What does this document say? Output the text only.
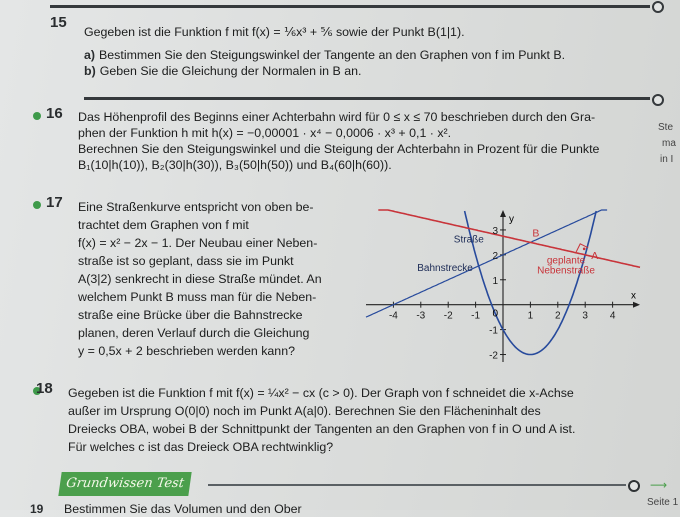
15
Gegeben ist die Funktion f mit f(x) = ⅙x³ + ⅚ sowie der Punkt B(1|1).
a) Bestimmen Sie den Steigungswinkel der Tangente an den Graphen von f im Punkt B.
b) Geben Sie die Gleichung der Normalen in B an.
16 Das Höhenprofil des Beginns einer Achterbahn wird für 0 ≤ x ≤ 70 beschrieben durch den Gra-
phen der Funktion h mit h(x) = −0,00001 · x⁴ − 0,0006 · x³ + 0,1 · x².
Berechnen Sie den Steigungswinkel und die Steigung der Achterbahn in Prozent für die Punkte
B₁(10|h(10)), B₂(30|h(30)), B₃(50|h(50)) und B₄(60|h(60)).
Ste
ma
in I
17 Eine Straßenkurve entspricht von oben be-
trachtet dem Graphen von f mit
f(x) = x² − 2x − 1. Der Neubau einer Neben-
straße ist so geplant, dass sie im Punkt
A(3|2) senkrecht in diese Straße mündet. An
welchem Punkt B muss man für die Neben-
straße eine Brücke über die Bahnstrecke
planen, deren Verlauf durch die Gleichung
y = 0,5x + 2 beschrieben werden kann?
-4 -3 -2 -1	1 2 3 4
3
2
1
-1
-2
0
x
y
A
B
Straße
Bahnstrecke
geplante
Nebenstraße
18 Gegeben ist die Funktion f mit f(x) = ¼x² − cx (c > 0). Der Graph von f schneidet die x-Achse
außer im Ursprung O(0|0) noch im Punkt A(a|0). Berechnen Sie den Flächeninhalt des
Dreiecks OBA, wobei B der Schnittpunkt der Tangenten an den Graphen von f in O und A ist.
Für welches c ist das Dreieck OBA rechtwinklig?
Grundwissen Test	⟶
Seite 1
19 Bestimmen Sie das Volumen und den Ober
